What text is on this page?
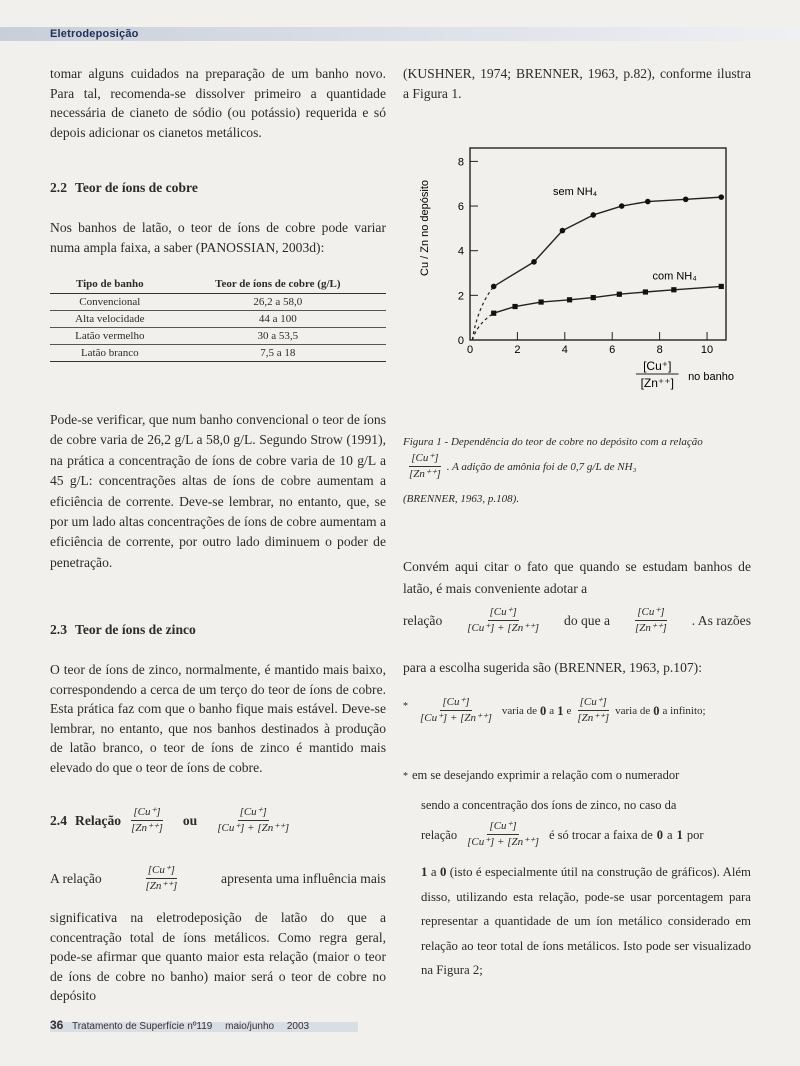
Eletrodeposição

tomar alguns cuidados na preparação de um banho novo. Para tal, recomenda-se dissolver primeiro a quantidade necessária de cianeto de sódio (ou potássio) requerida e só depois adicionar os cianetos metálicos.

2.2 Teor de íons de cobre

Nos banhos de latão, o teor de íons de cobre pode variar numa ampla faixa, a saber (PANOSSIAN, 2003d):

Tipo de banho	Teor de íons de cobre (g/L)
Convencional	26,2 a 58,0
Alta velocidade	44 a 100
Latão vermelho	30 a 53,5
Latão branco	7,5 a 18

Pode-se verificar, que num banho convencional o teor de íons de cobre varia de 26,2 g/L a 58,0 g/L. Segundo Strow (1991), na prática a concentração de íons de cobre varia de 10 g/L a 45 g/L: concentrações altas de íons de cobre aumentam a eficiência de corrente. Deve-se lembrar, no entanto, que, se por um lado altas concentrações de íons de cobre aumentam a eficiência de corrente, por outro lado diminuem o poder de penetração.

2.3 Teor de íons de zinco

O teor de íons de zinco, normalmente, é mantido mais baixo, correspondendo a cerca de um terço do teor de íons de cobre. Esta prática faz com que o banho fique mais estável. Deve-se lembrar, no entanto, que nos banhos destinados à produção de latão branco, o teor de íons de zinco é mantido mais elevado do que o teor de íons de cobre.

2.4 Relação $\frac{[Cu^+]}{[Zn^{++}]}$ ou $\frac{[Cu^+]}{[Cu^+] + [Zn^{++}]}$
A relação	$\frac{[Cu^+]}{[Zn^{++}]}$	apresenta uma influência mais

significativa na eletrodeposição de latão do que a concentração total de íons metálicos. Como regra geral, pode-se afirmar que quanto maior esta relação (maior o teor de íons de cobre no banho) maior será o teor de cobre no depósito

(KUSHNER, 1974; BRENNER, 1963, p.82), conforme ilustra a Figura 1.

0
2
4
6
8
0	2	4	6	8	10
Cu / Zn no depósito
[Cu⁺]
[Zn⁺⁺] no banho
sem NH₄
com NH₄
Figura 1 - Dependência do teor de cobre no depósito com a relação
$\frac{[Cu^+]}{[Zn^{++}]}$ . A adição de amônia foi de 0,7 g/L de NH₃
(BRENNER, 1963, p.108).

Convém aqui citar o fato que quando se estudam banhos de latão, é mais conveniente adotar a

relação $\frac{[Cu^+]}{[Cu^+] + [Zn^{++}]}$ do que a $\frac{[Cu^+]}{[Zn^{++}]}$ . As razões

para a escolha sugerida são (BRENNER, 1963, p.107):

* $\frac{[Cu^+]}{[Cu^+] + [Zn^{++}]}$ varia de 0 a 1 e $\frac{[Cu^+]}{[Zn^{++}]}$ varia de 0 a infinito;
* em se desejando exprimir a relação com o numerador
sendo a concentração dos íons de zinco, no caso da
relação $\frac{[Cu^+]}{[Cu^+] + [Zn^{++}]}$ é só trocar a faixa de 0 a 1 por

1 a 0 (isto é especialmente útil na construção de gráficos). Além disso, utilizando esta relação, pode-se usar porcentagem para representar a quantidade de um íon metálico considerado em relação ao teor total de íons metálicos. Isto pode ser visualizado na Figura 2;

36 Tratamento de Superfície nº119 maio/junho 2003
